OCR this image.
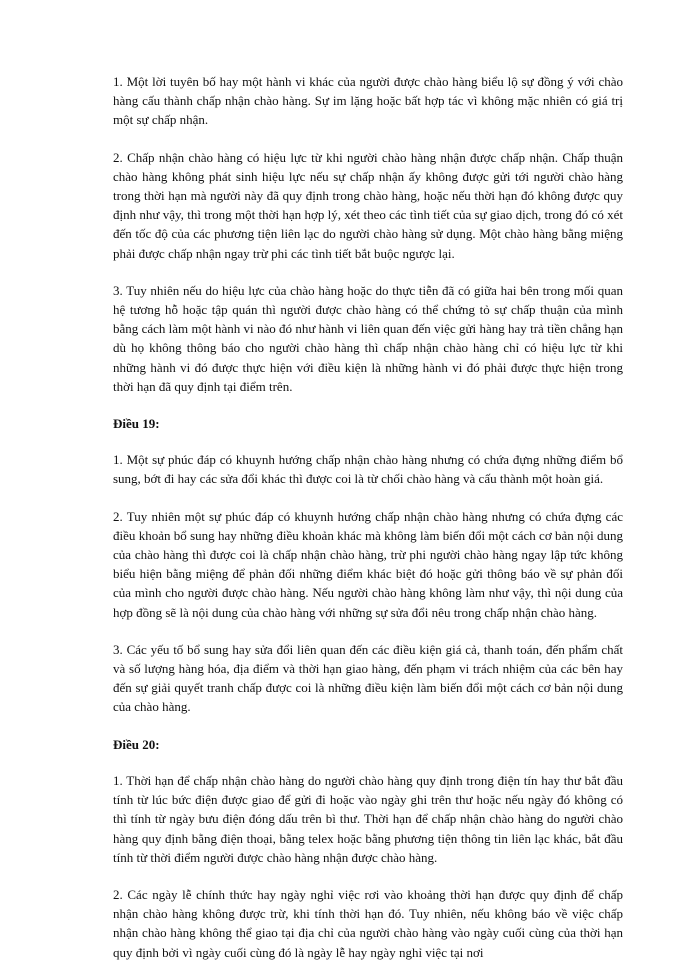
1. Một lời tuyên bố hay một hành vi khác của người được chào hàng biểu lộ sự đồng ý với chào hàng cấu thành chấp nhận chào hàng. Sự im lặng hoặc bất hợp tác vì không mặc nhiên có giá trị một sự chấp nhận.

2. Chấp nhận chào hàng có hiệu lực từ khi người chào hàng nhận được chấp nhận. Chấp thuận chào hàng không phát sinh hiệu lực nếu sự chấp nhận ấy không được gửi tới người chào hàng trong thời hạn mà người này đã quy định trong chào hàng, hoặc nếu thời hạn đó không được quy định như vậy, thì trong một thời hạn hợp lý, xét theo các tình tiết của sự giao dịch, trong đó có xét đến tốc độ của các phương tiện liên lạc do người chào hàng sử dụng. Một chào hàng bằng miệng phải được chấp nhận ngay trừ phi các tình tiết bắt buộc ngược lại.

3. Tuy nhiên nếu do hiệu lực của chào hàng hoặc do thực tiễn đã có giữa hai bên trong mối quan hệ tương hỗ hoặc tập quán thì người được chào hàng có thể chứng tỏ sự chấp thuận của mình bằng cách làm một hành vi nào đó như hành vi liên quan đến việc gửi hàng hay trả tiền chẳng hạn dù họ không thông báo cho người chào hàng thì chấp nhận chào hàng chỉ có hiệu lực từ khi những hành vi đó được thực hiện với điều kiện là những hành vi đó phải được thực hiện trong thời hạn đã quy định tại điểm trên.

Điều 19:

1. Một sự phúc đáp có khuynh hướng chấp nhận chào hàng nhưng có chứa đựng những điểm bổ sung, bớt đi hay các sửa đổi khác thì được coi là từ chối chào hàng và cấu thành một hoàn giá.

2. Tuy nhiên một sự phúc đáp có khuynh hướng chấp nhận chào hàng nhưng có chứa đựng các điều khoản bổ sung hay những điều khoản khác mà không làm biến đổi một cách cơ bản nội dung của chào hàng thì được coi là chấp nhận chào hàng, trừ phi người chào hàng ngay lập tức không biểu hiện bằng miệng để phản đối những điểm khác biệt đó hoặc gửi thông báo về sự phản đối của mình cho người được chào hàng. Nếu người chào hàng không làm như vậy, thì nội dung của hợp đồng sẽ là nội dung của chào hàng với những sự sửa đổi nêu trong chấp nhận chào hàng.

3. Các yếu tố bổ sung hay sửa đổi liên quan đến các điều kiện giá cả, thanh toán, đến phẩm chất và số lượng hàng hóa, địa điểm và thời hạn giao hàng, đến phạm vi trách nhiệm của các bên hay đến sự giải quyết tranh chấp được coi là những điều kiện làm biến đổi một cách cơ bản nội dung của chào hàng.

Điều 20:

1. Thời hạn để chấp nhận chào hàng do người chào hàng quy định trong điện tín hay thư bắt đầu tính từ lúc bức điện được giao để gửi đi hoặc vào ngày ghi trên thư hoặc nếu ngày đó không có thì tính từ ngày bưu điện đóng dấu trên bì thư. Thời hạn để chấp nhận chào hàng do người chào hàng quy định bằng điện thoại, bằng telex hoặc bằng phương tiện thông tin liên lạc khác, bắt đầu tính từ thời điểm người được chào hàng nhận được chào hàng.

2. Các ngày lễ chính thức hay ngày nghỉ việc rơi vào khoảng thời hạn được quy định để chấp nhận chào hàng không được trừ, khi tính thời hạn đó. Tuy nhiên, nếu không báo về việc chấp nhận chào hàng không thể giao tại địa chỉ của người chào hàng vào ngày cuối cùng của thời hạn quy định bởi vì ngày cuối cùng đó là ngày lễ hay ngày nghỉ việc tại nơi
